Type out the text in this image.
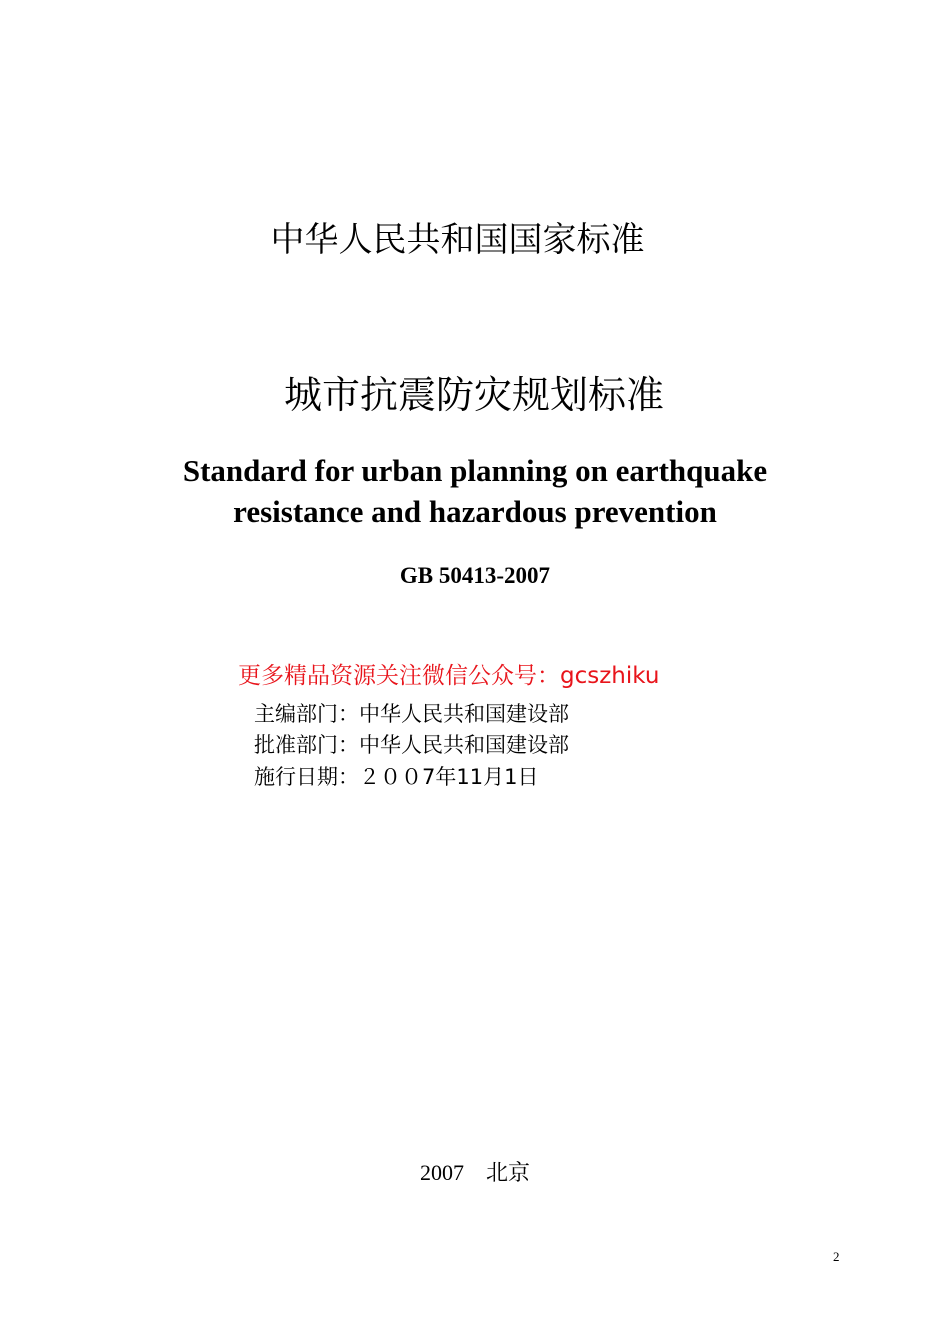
中华人民共和国国家标准
城市抗震防灾规划标准
Standard for urban planning on earthquake
resistance and hazardous prevention
GB 50413-2007
更多精品资源关注微信公众号：gcszhiku
主编部门：中华人民共和国建设部
批准部门：中华人民共和国建设部
施行日期：２００7年11月1日
2007    北京
2
